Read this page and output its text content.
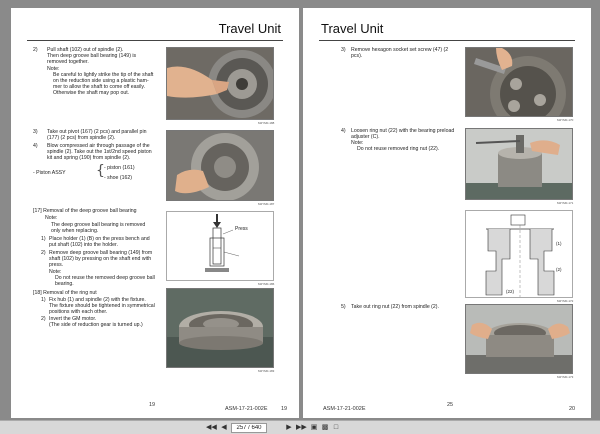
Travel Unit
2) Pull shaft (102) out of spindle (2).
Then deep groove ball bearing (149) is
removed together.
Note:
Be careful to lightly strike the tip of the shaft
on the reduction side using a plastic ham-
mer to allow the shaft to come off easily.
Otherwise the shaft may pop out.
M2YM0-188
3) Take out pivot (167) (2 pcs) and parallel pin
(177) (2 pcs) from spindle (2).
4) Blow compressed air through passage of the
spindle (2). Take out the 1st/2nd speed piston
kit and spring (190) from spindle (2).
- Piston ASSY { - piston (161)
- shoe (162)
M2YM0-187
[17] Removal of the deep groove ball bearing
Note:
The deep groove ball bearing is removed
only when replacing.
1) Place holder (1) (B) on the press bench and
put shaft (102) into the holder.
2) Remove deep groove ball bearing (149) from
shaft (102) by pressing on the shaft end with
press.
Note:
Do not reuse the removed deep groove ball
bearing.
Press
M2YM0-186
[18] Removal of the ring nut
1) Fix hub (1) and spindle (2) with the fixture.
The fixture should be tightened in symmetrical
positions with each other.
2) Invert the GM motor.
(The side of reduction gear is turned up.)
M2YM0-183
19
ASM-17-21-002E 19
Travel Unit
3) Remove hexagon socket set screw (47) (2
pcs).
M2YM0-170
4) Loosen ring nut (22) with the bearing preload
adjuster (C).
Note:
Do not reuse removed ring nut (22).
M2YM0-171
(1)
(2)
(22)
M2YM0-172
5) Take out ring nut (22) from spindle (2).
M2YM0-173
ASM-17-21-002E
25
20
◀◀ ◀
257 / 640	▶ ▶▶ ▣ ▩ □
